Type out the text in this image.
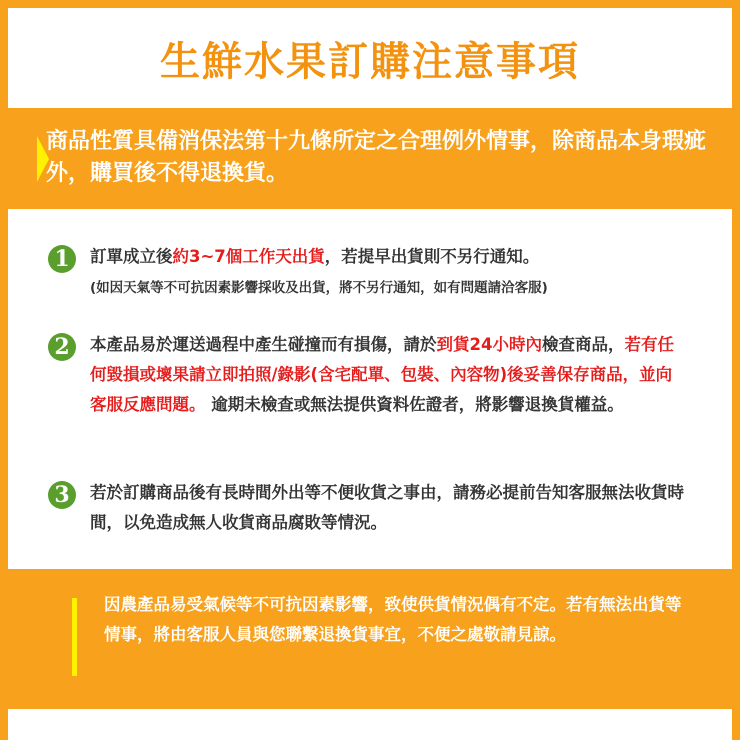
生鮮水果訂購注意事項
商品性質具備消保法第十九條所定之合理例外情事，除商品本身瑕疵外，購買後不得退換貨。
1	訂單成立後約3~7個工作天出貨，若提早出貨則不另行通知。
(如因天氣等不可抗因素影響採收及出貨，將不另行通知，如有問題請洽客服)
2	本產品易於運送過程中產生碰撞而有損傷，請於到貨24小時內檢查商品，若有任何毀損或壞果請立即拍照/錄影(含宅配單、包裝、內容物)後妥善保存商品，並向客服反應問題。 逾期未檢查或無法提供資料佐證者，將影響退換貨權益。
3	若於訂購商品後有長時間外出等不便收貨之事由，請務必提前告知客服無法收貨時間，以免造成無人收貨商品腐敗等情況。
因農產品易受氣候等不可抗因素影響，致使供貨情況偶有不定。若有無法出貨等情事，將由客服人員與您聯繫退換貨事宜，不便之處敬請見諒。
